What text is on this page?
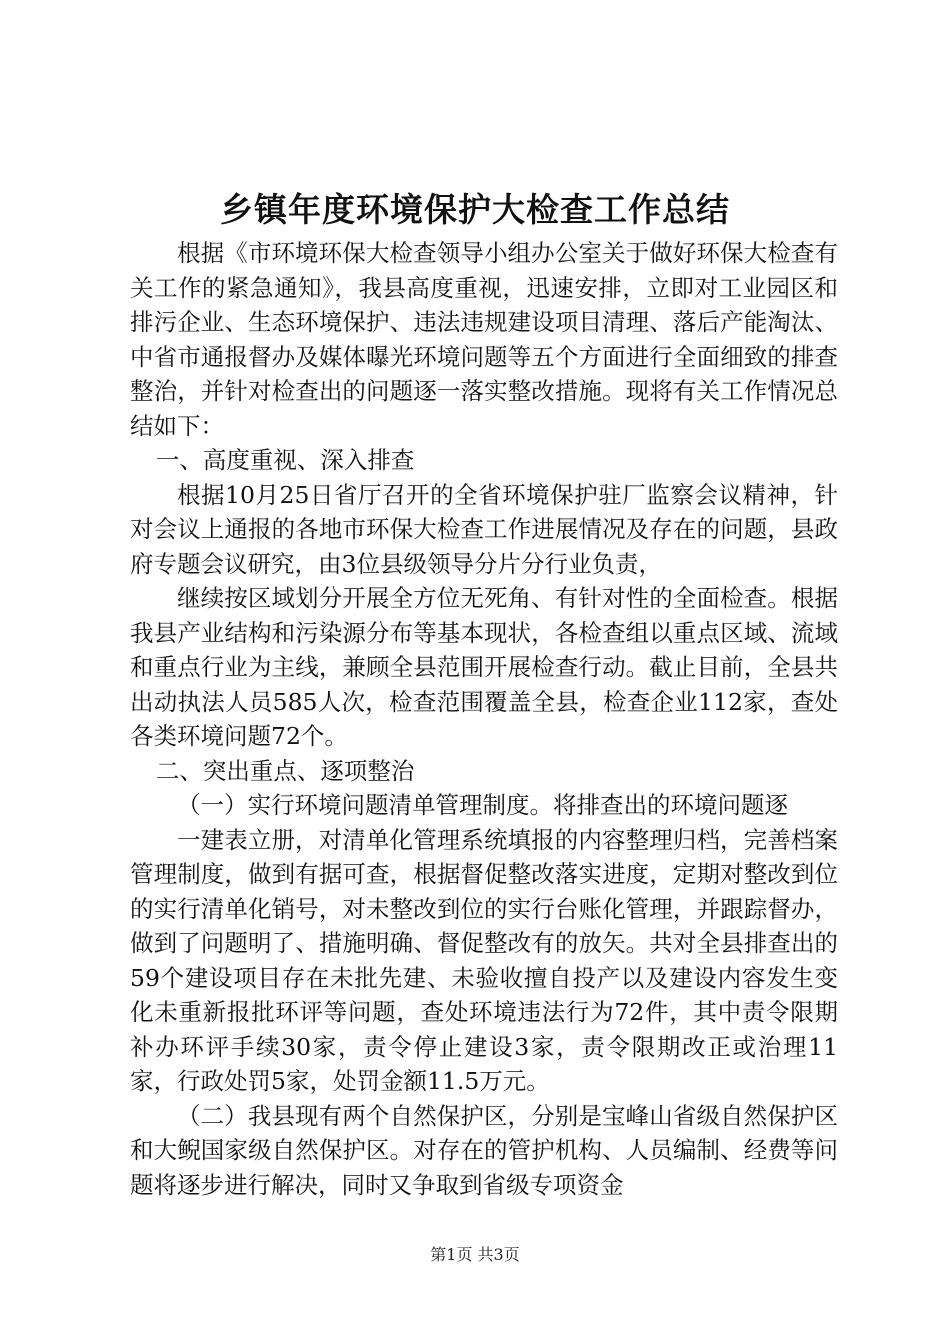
乡镇年度环境保护大检查工作总结

根据《市环境环保大检查领导小组办公室关于做好环保大检查有关工作的紧急通知》，我县高度重视，迅速安排，立即对工业园区和排污企业、生态环境保护、违法违规建设项目清理、落后产能淘汰、中省市通报督办及媒体曝光环境问题等五个方面进行全面细致的排查整治，并针对检查出的问题逐一落实整改措施。现将有关工作情况总结如下：

一、高度重视、深入排查

根据10月25日省厅召开的全省环境保护驻厂监察会议精神，针对会议上通报的各地市环保大检查工作进展情况及存在的问题，县政府专题会议研究，由3位县级领导分片分行业负责，

继续按区域划分开展全方位无死角、有针对性的全面检查。根据我县产业结构和污染源分布等基本现状，各检查组以重点区域、流域和重点行业为主线，兼顾全县范围开展检查行动。截止目前，全县共出动执法人员585人次，检查范围覆盖全县，检查企业112家，查处各类环境问题72个。

二、突出重点、逐项整治

（一）实行环境问题清单管理制度。将排查出的环境问题逐

一建表立册，对清单化管理系统填报的内容整理归档，完善档案管理制度，做到有据可查，根据督促整改落实进度，定期对整改到位的实行清单化销号，对未整改到位的实行台账化管理，并跟踪督办，做到了问题明了、措施明确、督促整改有的放矢。共对全县排查出的59个建设项目存在未批先建、未验收擅自投产以及建设内容发生变化未重新报批环评等问题，查处环境违法行为72件，其中责令限期补办环评手续30家，责令停止建设3家，责令限期改正或治理11家，行政处罚5家，处罚金额11.5万元。

（二）我县现有两个自然保护区，分别是宝峰山省级自然保护区和大鲵国家级自然保护区。对存在的管护机构、人员编制、经费等问题将逐步进行解决，同时又争取到省级专项资金

第1页 共3页
